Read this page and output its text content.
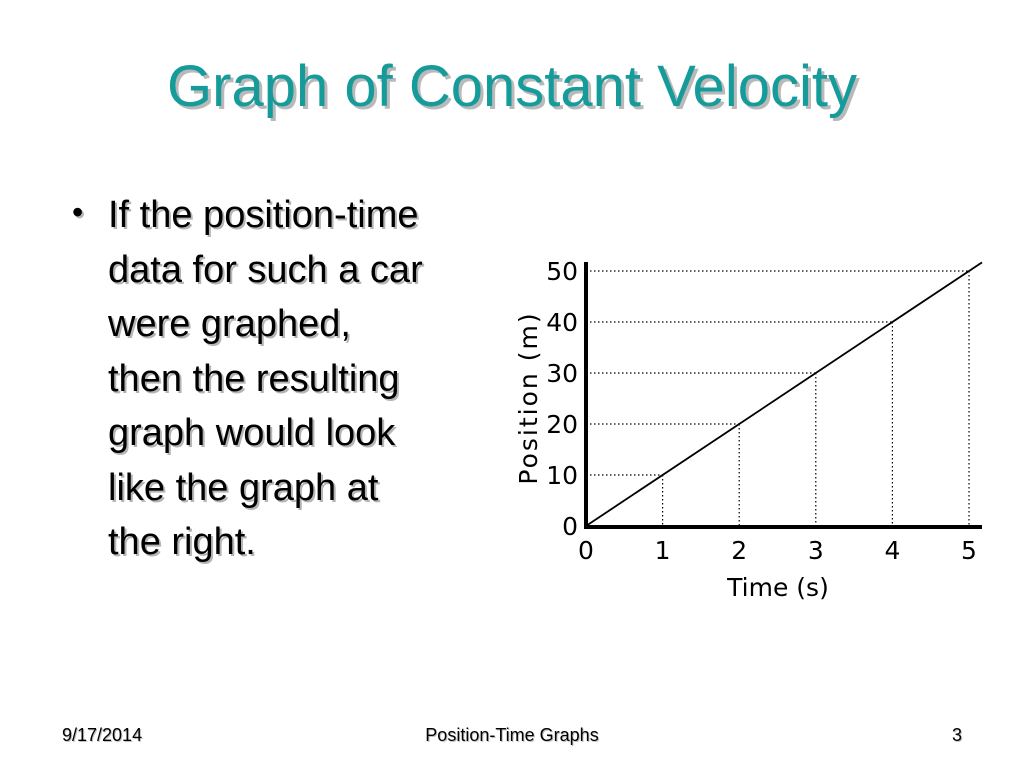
Graph of Constant Velocity
• If the position-time
data for such a car
were graphed,
then the resulting
graph would look
like the graph at
the right.	0
10
20
30
40
50
0 1 2 3 4 5
Time (s)
Position (m)
9/17/2014	Position-Time Graphs	3
